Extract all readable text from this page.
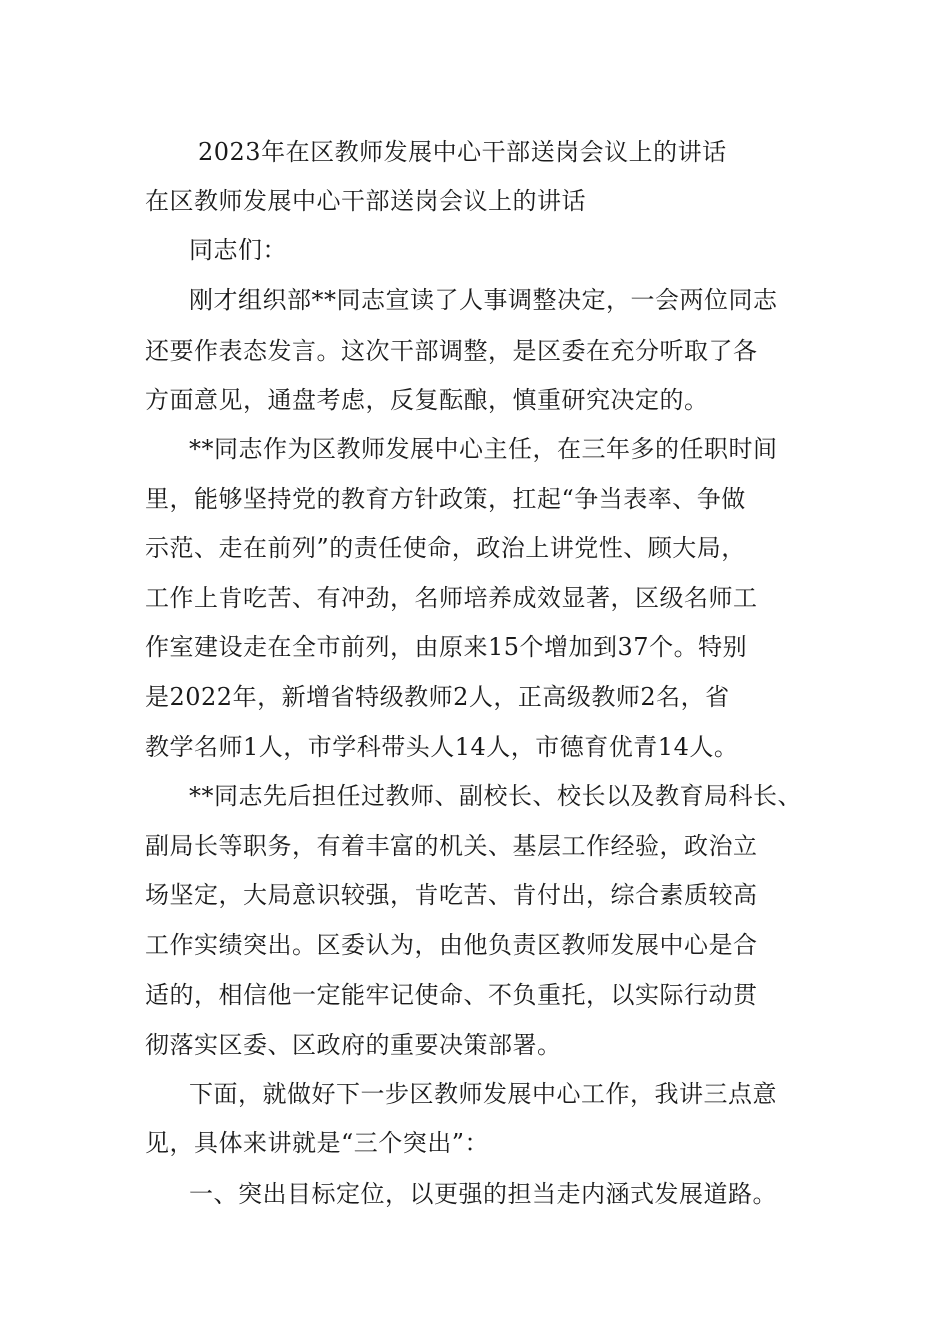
2023年在区教师发展中心干部送岗会议上的讲话
在区教师发展中心干部送岗会议上的讲话
同志们：
刚才组织部**同志宣读了人事调整决定，一会两位同志
还要作表态发言。这次干部调整，是区委在充分听取了各
方面意见，通盘考虑，反复酝酿，慎重研究决定的。
**同志作为区教师发展中心主任，在三年多的任职时间
里，能够坚持党的教育方针政策，扛起“争当表率、争做
示范、走在前列”的责任使命，政治上讲党性、顾大局，
工作上肯吃苦、有冲劲，名师培养成效显著，区级名师工
作室建设走在全市前列，由原来15个增加到37个。特别
是2022年，新增省特级教师2人，正高级教师2名，省
教学名师1人，市学科带头人14人，市德育优青14人。
**同志先后担任过教师、副校长、校长以及教育局科长、
副局长等职务，有着丰富的机关、基层工作经验，政治立
场坚定，大局意识较强，肯吃苦、肯付出，综合素质较高
工作实绩突出。区委认为，由他负责区教师发展中心是合
适的，相信他一定能牢记使命、不负重托，以实际行动贯
彻落实区委、区政府的重要决策部署。
下面，就做好下一步区教师发展中心工作，我讲三点意
见，具体来讲就是“三个突出”：
一、突出目标定位，以更强的担当走内涵式发展道路。
